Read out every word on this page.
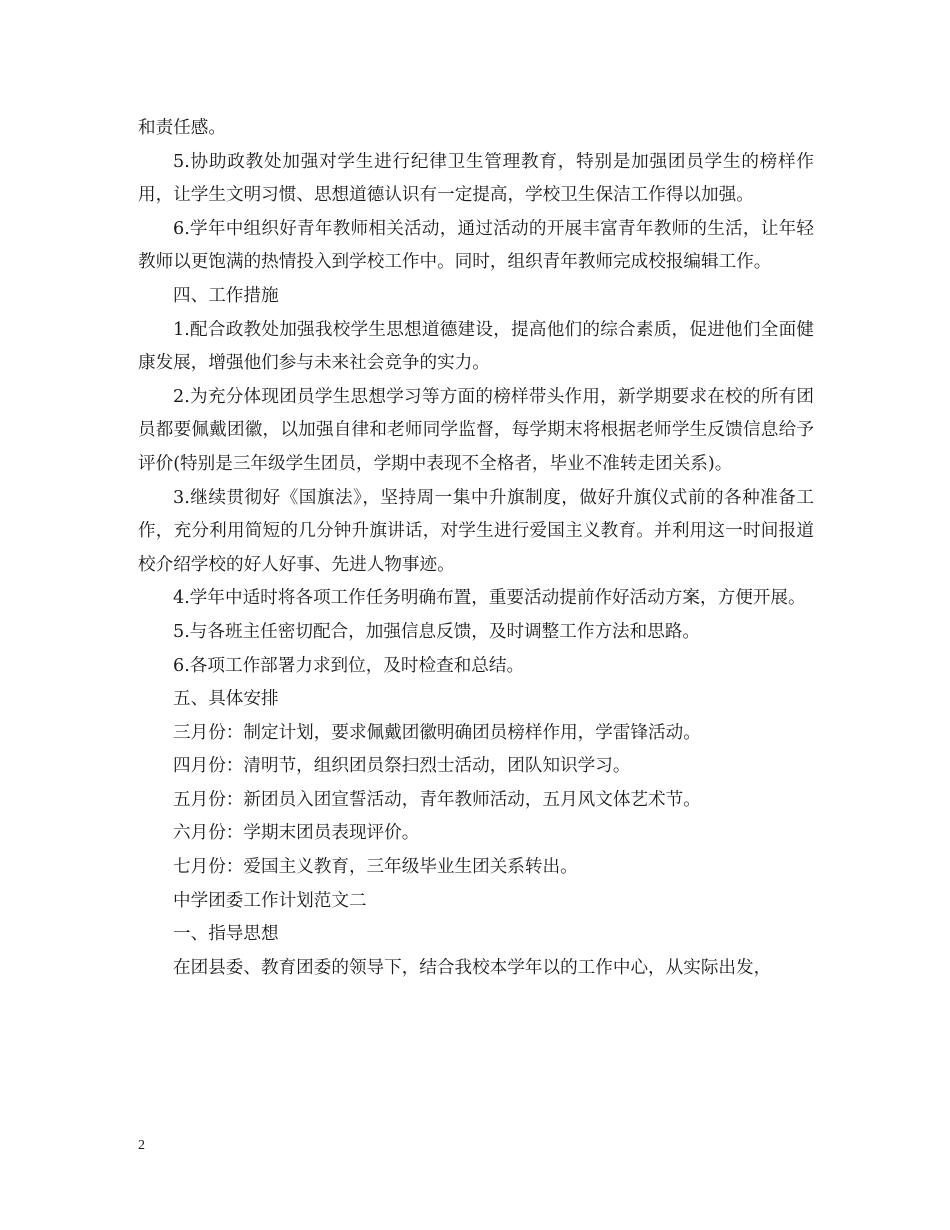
和责任感。

5.协助政教处加强对学生进行纪律卫生管理教育，特别是加强团员学生的榜样作用，让学生文明习惯、思想道德认识有一定提高，学校卫生保洁工作得以加强。

6.学年中组织好青年教师相关活动，通过活动的开展丰富青年教师的生活，让年轻教师以更饱满的热情投入到学校工作中。同时，组织青年教师完成校报编辑工作。

四、工作措施

1.配合政教处加强我校学生思想道德建设，提高他们的综合素质，促进他们全面健康发展，增强他们参与未来社会竞争的实力。

2.为充分体现团员学生思想学习等方面的榜样带头作用，新学期要求在校的所有团员都要佩戴团徽，以加强自律和老师同学监督，每学期末将根据老师学生反馈信息给予评价(特别是三年级学生团员，学期中表现不全格者，毕业不准转走团关系)。

3.继续贯彻好《国旗法》，坚持周一集中升旗制度，做好升旗仪式前的各种准备工作，充分利用简短的几分钟升旗讲话，对学生进行爱国主义教育。并利用这一时间报道校介绍学校的好人好事、先进人物事迹。

4.学年中适时将各项工作任务明确布置，重要活动提前作好活动方案，方便开展。

5.与各班主任密切配合，加强信息反馈，及时调整工作方法和思路。

6.各项工作部署力求到位，及时检查和总结。

五、具体安排

三月份：制定计划，要求佩戴团徽明确团员榜样作用，学雷锋活动。

四月份：清明节，组织团员祭扫烈士活动，团队知识学习。

五月份：新团员入团宣誓活动，青年教师活动，五月风文体艺术节。

六月份：学期末团员表现评价。

七月份：爱国主义教育，三年级毕业生团关系转出。

中学团委工作计划范文二

一、指导思想

在团县委、教育团委的领导下，结合我校本学年以的工作中心，从实际出发，

2
